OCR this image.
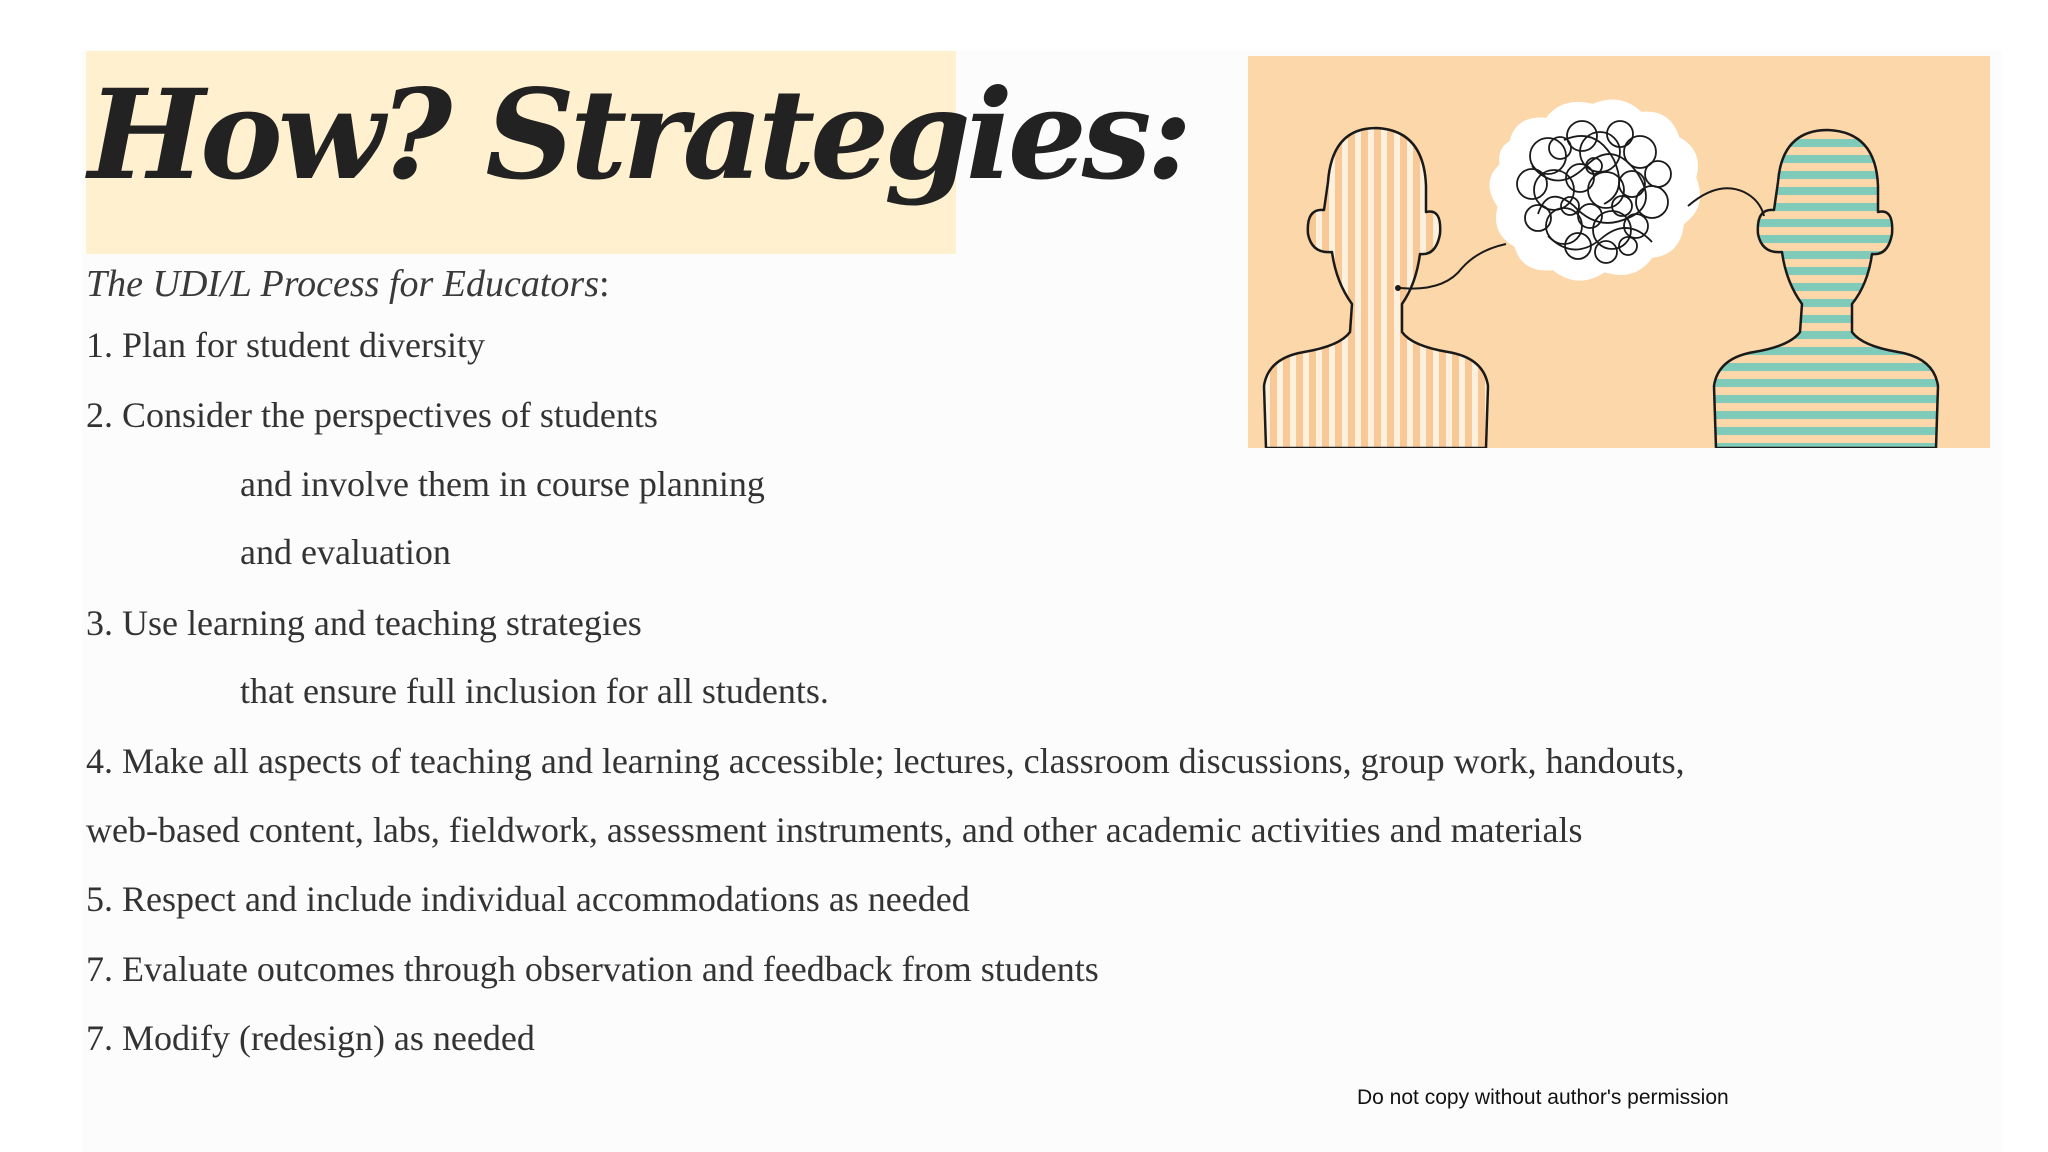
How? Strategies:
The UDI/L Process for Educators:

1. Plan for student diversity

2. Consider the perspectives of students

and involve them in course planning

and evaluation

3. Use learning and teaching strategies

that ensure full inclusion for all students.

4. Make all aspects of teaching and learning accessible; lectures, classroom discussions, group work, handouts,

web-based content, labs, fieldwork, assessment instruments, and other academic activities and materials

5. Respect and include individual accommodations as needed

7. Evaluate outcomes through observation and feedback from students

7. Modify (redesign) as needed

Do not copy without author's permission
